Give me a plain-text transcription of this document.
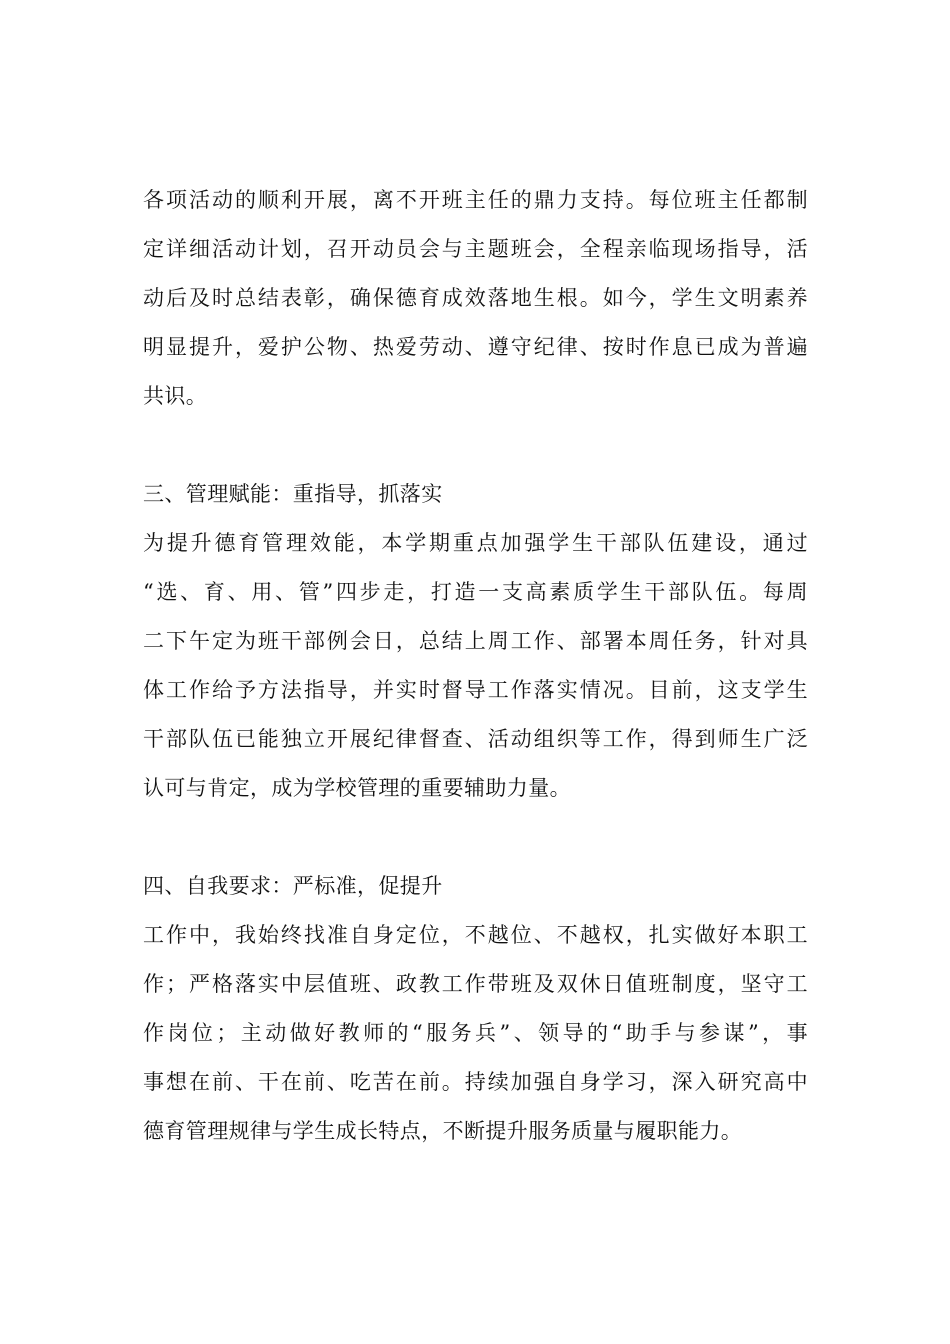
各项活动的顺利开展，离不开班主任的鼎力支持。每位班主任都制
定详细活动计划，召开动员会与主题班会，全程亲临现场指导，活
动后及时总结表彰，确保德育成效落地生根。如今，学生文明素养
明显提升，爱护公物、热爱劳动、遵守纪律、按时作息已成为普遍
共识。
三、管理赋能：重指导，抓落实
为提升德育管理效能，本学期重点加强学生干部队伍建设，通过
“选、育、用、管”四步走，打造一支高素质学生干部队伍。每周
二下午定为班干部例会日，总结上周工作、部署本周任务，针对具
体工作给予方法指导，并实时督导工作落实情况。目前，这支学生
干部队伍已能独立开展纪律督查、活动组织等工作，得到师生广泛
认可与肯定，成为学校管理的重要辅助力量。
四、自我要求：严标准，促提升
工作中，我始终找准自身定位，不越位、不越权，扎实做好本职工
作；严格落实中层值班、政教工作带班及双休日值班制度，坚守工
作岗位；主动做好教师的“服务兵”、领导的“助手与参谋”，事
事想在前、干在前、吃苦在前。持续加强自身学习，深入研究高中
德育管理规律与学生成长特点，不断提升服务质量与履职能力。
